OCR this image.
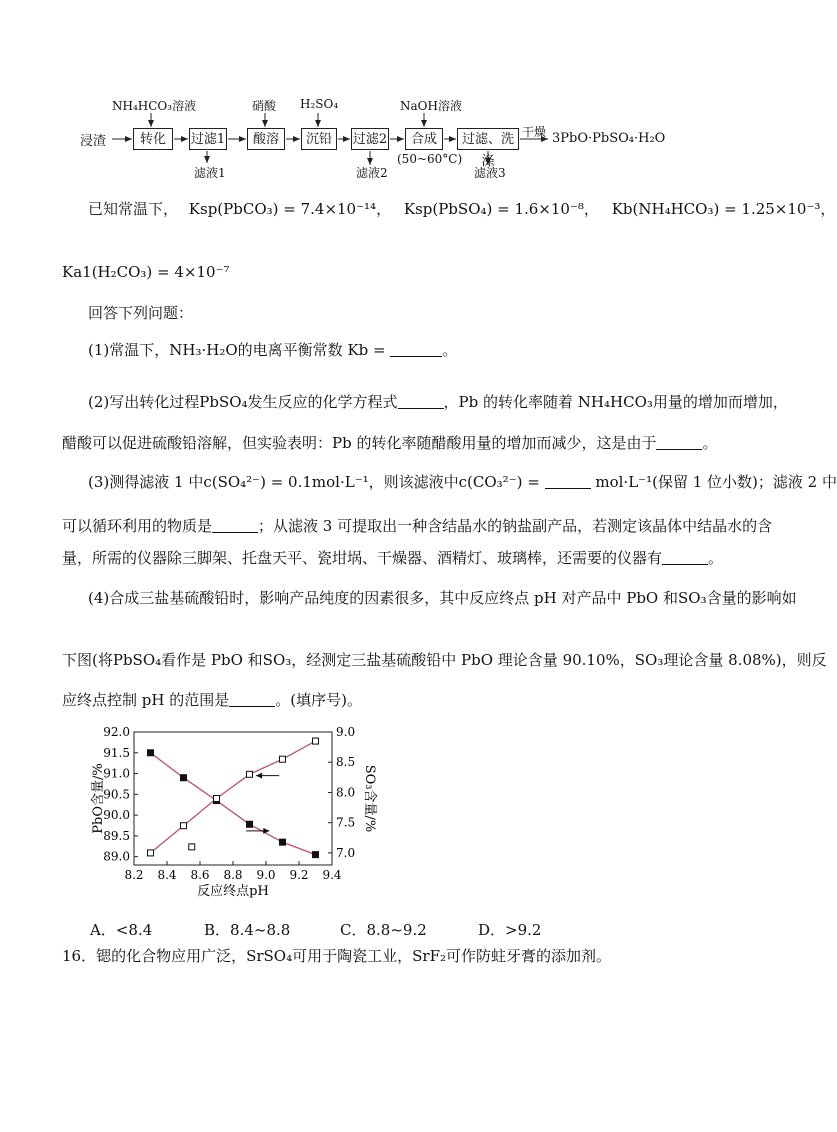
浸渣	转化	过滤1	酸溶	沉铅	过滤2	合成	过滤、洗涤
NH₄HCO₃溶液	硝酸 H₂SO₄	NaOH溶液
滤液1	滤液2	滤液3
(50~60°C)
干燥 3PbO·PbSO₄·H₂O
已知常温下， Ksp(PbCO₃) = 7.4×10⁻¹⁴， Ksp(PbSO₄) = 1.6×10⁻⁸， Kb(NH₄HCO₃) = 1.25×10⁻³，
Ka1(H₂CO₃) = 4×10⁻⁷
回答下列问题：
(1)常温下，NH₃·H₂O的电离平衡常数 Kb =	。
(2)写出转化过程PbSO₄发生反应的化学方程式	，Pb 的转化率随着 NH₄HCO₃用量的增加而增加，
醋酸可以促进硫酸铅溶解，但实验表明：Pb 的转化率随醋酸用量的增加而减少，这是由于	。
(3)测得滤液 1 中c(SO₄²⁻) = 0.1mol·L⁻¹，则该滤液中c(CO₃²⁻) =	mol·L⁻¹(保留 1 位小数)；滤液 2 中
可以循环利用的物质是	；从滤液 3 可提取出一种含结晶水的钠盐副产品，若测定该晶体中结晶水的含
量，所需的仪器除三脚架、托盘天平、瓷坩埚、干燥器、酒精灯、玻璃棒，还需要的仪器有	。
(4)合成三盐基硫酸铅时，影响产品纯度的因素很多，其中反应终点 pH 对产品中 PbO 和SO₃含量的影响如
下图(将PbSO₄看作是 PbO 和SO₃，经测定三盐基硫酸铅中 PbO 理论含量 90.10%，SO₃理论含量 8.08%)，则反
应终点控制 pH 的范围是	。(填序号)。
8.2 8.4 8.6 8.8 9.0 9.2 9.4
89.0
89.5
90.0
90.5
91.0
91.5
92.0
7.0
7.5
8.0
8.5
9.0
反应终点pH
PbO含量/%	SO₃含量/%
A．<8.4	B．8.4~8.8	C．8.8~9.2	D．>9.2
16．锶的化合物应用广泛，SrSO₄可用于陶瓷工业，SrF₂可作防蛀牙膏的添加剂。
